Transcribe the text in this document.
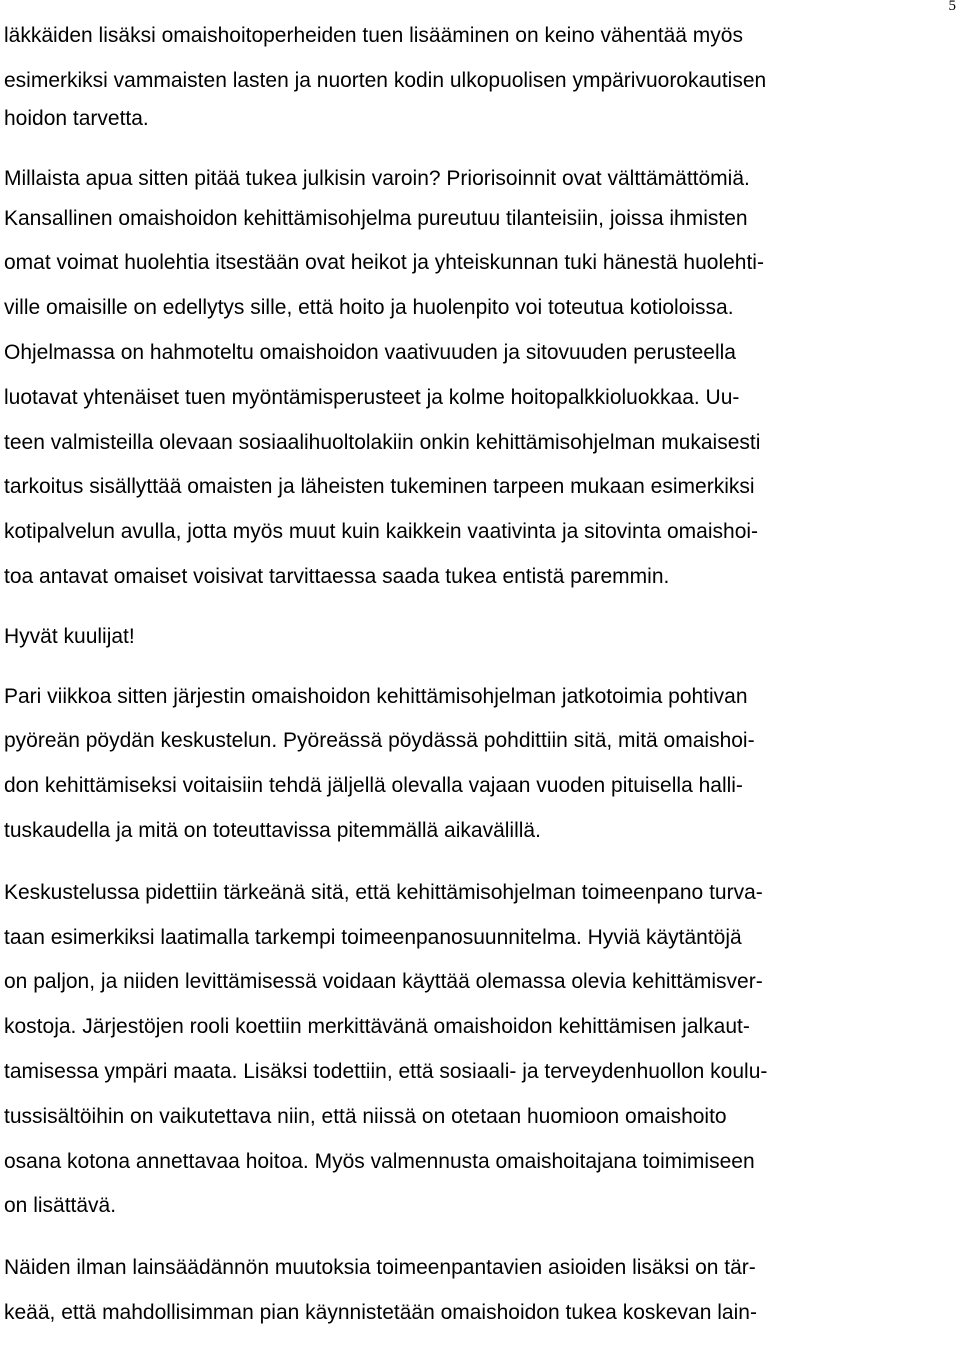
5
läkkäiden lisäksi omaishoitoperheiden tuen lisääminen on keino vähentää myös
esimerkiksi vammaisten lasten ja nuorten kodin ulkopuolisen ympärivuorokautisen
hoidon tarvetta.
Millaista apua sitten pitää tukea julkisin varoin? Priorisoinnit ovat välttämättömiä.
Kansallinen omaishoidon kehittämisohjelma pureutuu tilanteisiin, joissa ihmisten
omat voimat huolehtia itsestään ovat heikot ja yhteiskunnan tuki hänestä huolehti-
ville omaisille on edellytys sille, että hoito ja huolenpito voi toteutua kotioloissa.
Ohjelmassa on hahmoteltu omaishoidon vaativuuden ja sitovuuden perusteella
luotavat yhtenäiset tuen myöntämisperusteet ja kolme hoitopalkkioluokkaa. Uu-
teen valmisteilla olevaan sosiaalihuoltolakiin onkin kehittämisohjelman mukaisesti
tarkoitus sisällyttää omaisten ja läheisten tukeminen tarpeen mukaan esimerkiksi
kotipalvelun avulla, jotta myös muut kuin kaikkein vaativinta ja sitovinta omaishoi-
toa antavat omaiset voisivat tarvittaessa saada tukea entistä paremmin.
Hyvät kuulijat!
Pari viikkoa sitten järjestin omaishoidon kehittämisohjelman jatkotoimia pohtivan
pyöreän pöydän keskustelun. Pyöreässä pöydässä pohdittiin sitä, mitä omaishoi-
don kehittämiseksi voitaisiin tehdä jäljellä olevalla vajaan vuoden pituisella halli-
tuskaudella ja mitä on toteuttavissa pitemmällä aikavälillä.
Keskustelussa pidettiin tärkeänä sitä, että kehittämisohjelman toimeenpano turva-
taan esimerkiksi laatimalla tarkempi toimeenpanosuunnitelma. Hyviä käytäntöjä
on paljon, ja niiden levittämisessä voidaan käyttää olemassa olevia kehittämisver-
kostoja. Järjestöjen rooli koettiin merkittävänä omaishoidon kehittämisen jalkaut-
tamisessa ympäri maata. Lisäksi todettiin, että sosiaali- ja terveydenhuollon koulu-
tussisältöihin on vaikutettava niin, että niissä on otetaan huomioon omaishoito
osana kotona annettavaa hoitoa. Myös valmennusta omaishoitajana toimimiseen
on lisättävä.
Näiden ilman lainsäädännön muutoksia toimeenpantavien asioiden lisäksi on tär-
keää, että mahdollisimman pian käynnistetään omaishoidon tukea koskevan lain-
